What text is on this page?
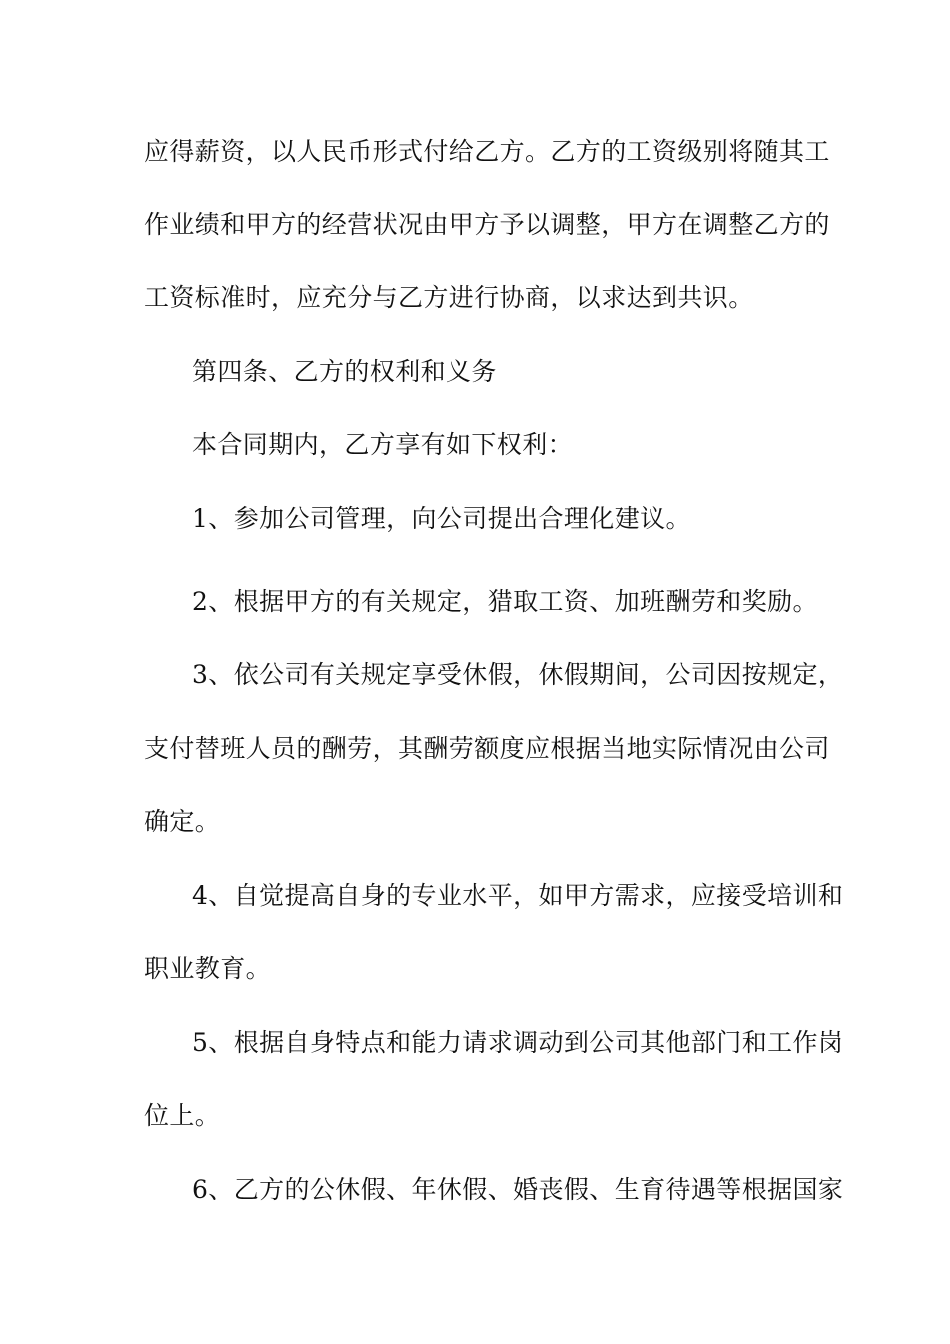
应得薪资，以人民币形式付给乙方。乙方的工资级别将随其工
作业绩和甲方的经营状况由甲方予以调整，甲方在调整乙方的
工资标准时，应充分与乙方进行协商，以求达到共识。
第四条、乙方的权利和义务
本合同期内，乙方享有如下权利：
1、参加公司管理，向公司提出合理化建议。
2、根据甲方的有关规定，猎取工资、加班酬劳和奖励。
3、依公司有关规定享受休假，休假期间，公司因按规定，
支付替班人员的酬劳，其酬劳额度应根据当地实际情况由公司
确定。
4、自觉提高自身的专业水平，如甲方需求，应接受培训和
职业教育。
5、根据自身特点和能力请求调动到公司其他部门和工作岗
位上。
6、乙方的公休假、年休假、婚丧假、生育待遇等根据国家
